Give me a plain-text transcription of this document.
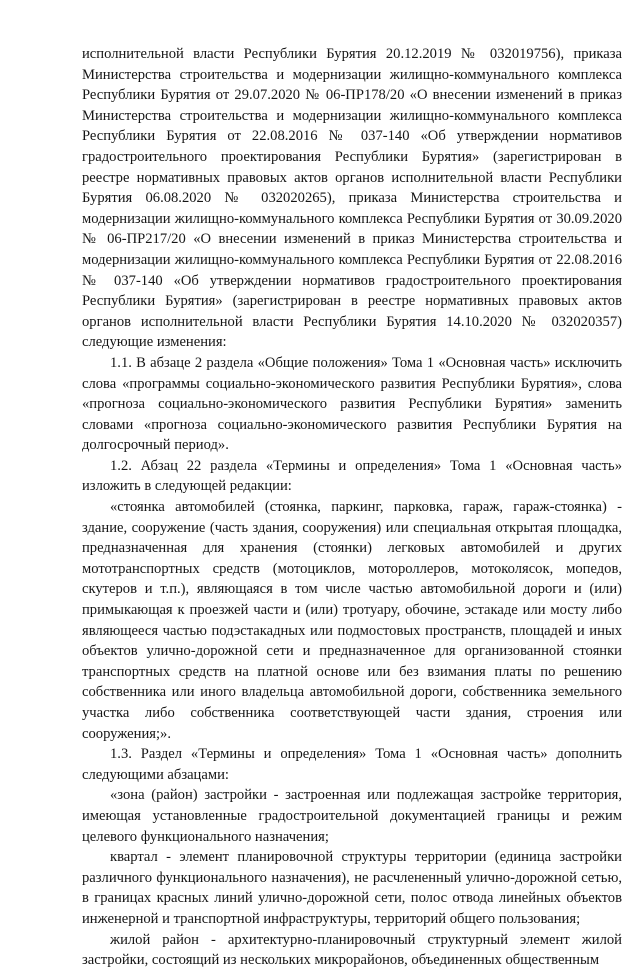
исполнительной власти Республики Бурятия 20.12.2019 № 032019756), приказа Министерства строительства и модернизации жилищно-коммунального комплекса Республики Бурятия от 29.07.2020 № 06-ПР178/20 «О внесении изменений в приказ Министерства строительства и модернизации жилищно-коммунального комплекса Республики Бурятия от 22.08.2016 № 037-140 «Об утверждении нормативов градостроительного проектирования Республики Бурятия» (зарегистрирован в реестре нормативных правовых актов органов исполнительной власти Республики Бурятия 06.08.2020 № 032020265), приказа Министерства строительства и модернизации жилищно-коммунального комплекса Республики Бурятия от 30.09.2020 № 06-ПР217/20 «О внесении изменений в приказ Министерства строительства и модернизации жилищно-коммунального комплекса Республики Бурятия от 22.08.2016 № 037-140 «Об утверждении нормативов градостроительного проектирования Республики Бурятия» (зарегистрирован в реестре нормативных правовых актов органов исполнительной власти Республики Бурятия 14.10.2020 № 032020357) следующие изменения:

1.1. В абзаце 2 раздела «Общие положения» Тома 1 «Основная часть» исключить слова «программы социально-экономического развития Республики Бурятия», слова «прогноза социально-экономического развития Республики Бурятия» заменить словами «прогноза социально-экономического развития Республики Бурятия на долгосрочный период».

1.2. Абзац 22 раздела «Термины и определения» Тома 1 «Основная часть» изложить в следующей редакции:

«стоянка автомобилей (стоянка, паркинг, парковка, гараж, гараж-стоянка) - здание, сооружение (часть здания, сооружения) или специальная открытая площадка, предназначенная для хранения (стоянки) легковых автомобилей и других мототранспортных средств (мотоциклов, мотороллеров, мотоколясок, мопедов, скутеров и т.п.), являющаяся в том числе частью автомобильной дороги и (или) примыкающая к проезжей части и (или) тротуару, обочине, эстакаде или мосту либо являющееся частью подэстакадных или подмостовых пространств, площадей и иных объектов улично-дорожной сети и предназначенное для организованной стоянки транспортных средств на платной основе или без взимания платы по решению собственника или иного владельца автомобильной дороги, собственника земельного участка либо собственника соответствующей части здания, строения или сооружения;».

1.3. Раздел «Термины и определения» Тома 1 «Основная часть» дополнить следующими абзацами:

«зона (район) застройки - застроенная или подлежащая застройке территория, имеющая установленные градостроительной документацией границы и режим целевого функционального назначения;

квартал - элемент планировочной структуры территории (единица застройки различного функционального назначения), не расчлененный улично-дорожной сетью, в границах красных линий улично-дорожной сети, полос отвода линейных объектов инженерной и транспортной инфраструктуры, территорий общего пользования;

жилой район - архитектурно-планировочный структурный элемент жилой застройки, состоящий из нескольких микрорайонов, объединенных общественным
